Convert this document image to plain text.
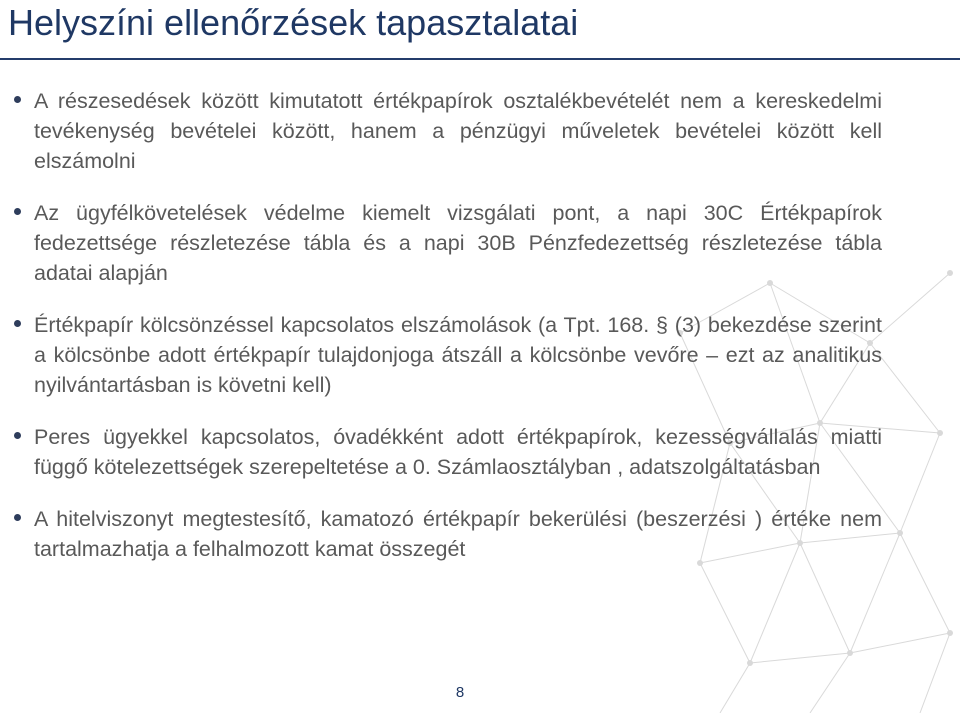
Helyszíni ellenőrzések tapasztalatai
A részesedések között kimutatott értékpapírok osztalékbevételét nem a kereskedelmi tevékenység bevételei között, hanem a pénzügyi műveletek bevételei között kell elszámolni
Az ügyfélkövetelések védelme kiemelt vizsgálati pont, a napi 30C Értékpapírok fedezettsége részletezése tábla és a napi 30B Pénzfedezettség részletezése tábla adatai alapján
Értékpapír kölcsönzéssel kapcsolatos elszámolások (a Tpt. 168. § (3) bekezdése szerint a kölcsönbe adott értékpapír tulajdonjoga átszáll a kölcsönbe vevőre – ezt az analitikus nyilvántartásban is követni kell)
Peres ügyekkel kapcsolatos, óvadékként adott értékpapírok, kezességvállalás miatti függő kötelezettségek szerepeltetése a 0. Számlaosztályban , adatszolgáltatásban
A hitelviszonyt megtestesítő, kamatozó értékpapír bekerülési (beszerzési ) értéke nem tartalmazhatja a felhalmozott kamat összegét
8
